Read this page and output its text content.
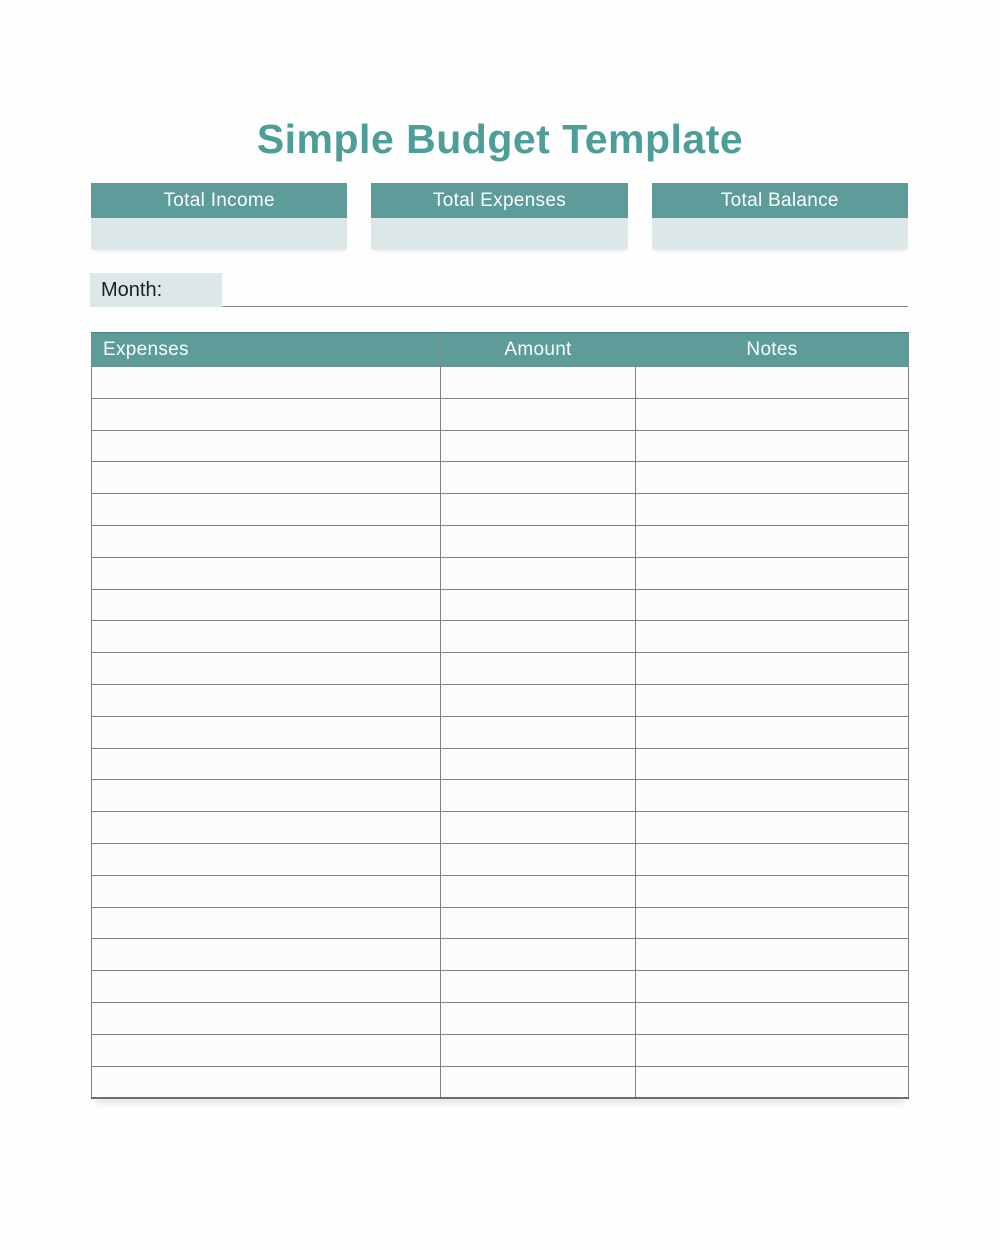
Simple Budget Template
Total Income	Total Expenses	Total Balance
Month:
Expenses	Amount	Notes
